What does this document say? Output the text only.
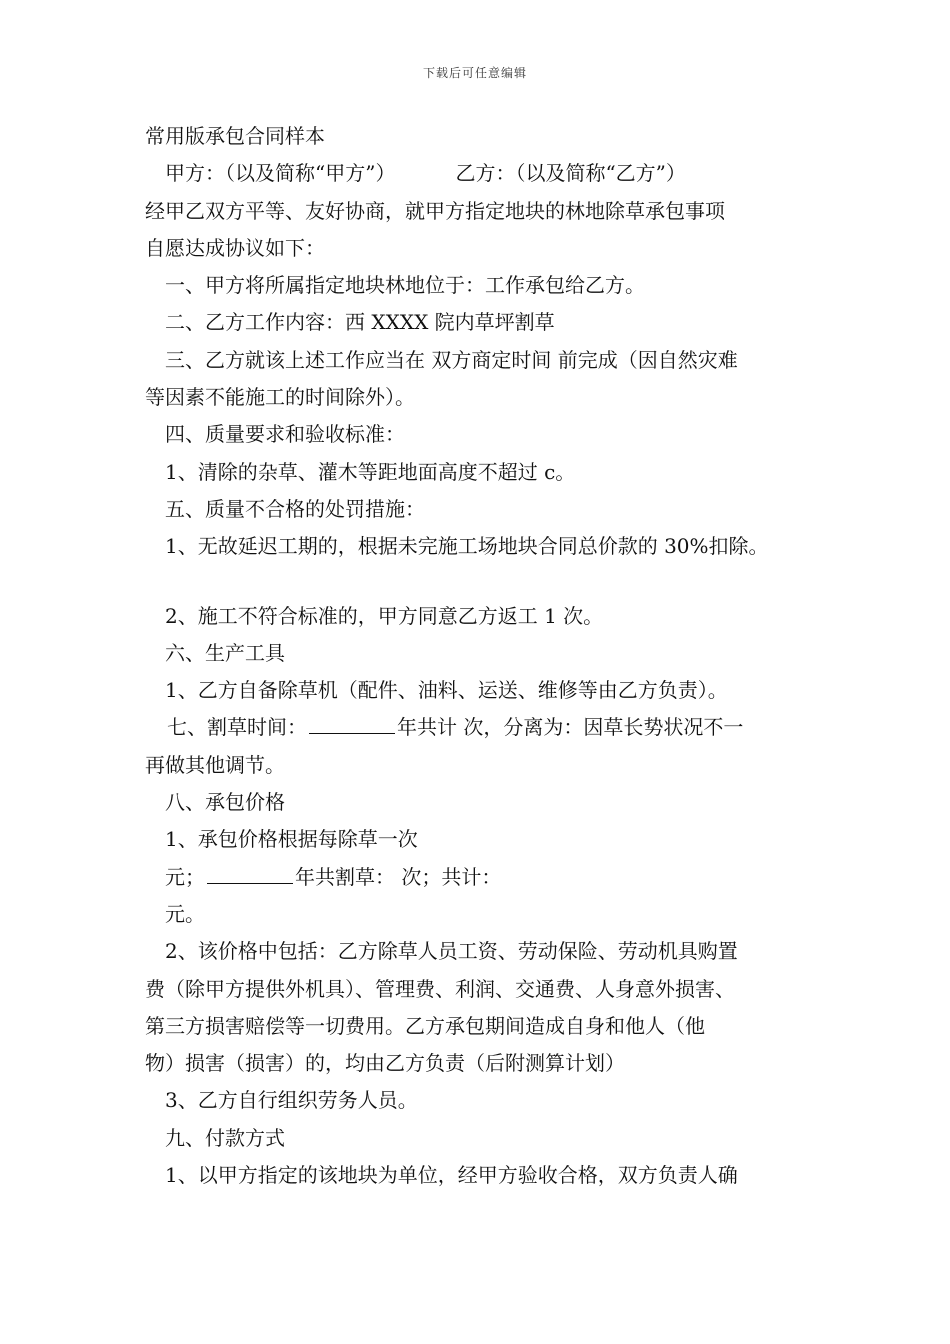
下载后可任意编辑
常用版承包合同样本
甲方：（以及简称“甲方”）	乙方：（以及简称“乙方”）
经甲乙双方平等、友好协商，就甲方指定地块的林地除草承包事项
自愿达成协议如下：
一、甲方将所属指定地块林地位于：工作承包给乙方。
二、乙方工作内容：西 XXXX 院内草坪割草
三、乙方就该上述工作应当在 双方商定时间 前完成（因自然灾难
等因素不能施工的时间除外）。
四、质量要求和验收标准：
1、清除的杂草、灌木等距地面高度不超过 c。
五、质量不合格的处罚措施：
1、无故延迟工期的，根据未完施工场地块合同总价款的 30%扣除。
2、施工不符合标准的，甲方同意乙方返工 1 次。
六、生产工具
1、乙方自备除草机（配件、油料、运送、维修等由乙方负责）。
七、割草时间：	年共计 次，分离为：因草长势状况不一
再做其他调节。
八、承包价格
1、承包价格根据每除草一次
元；	年共割草： 次；共计：
元。
2、该价格中包括：乙方除草人员工资、劳动保险、劳动机具购置
费（除甲方提供外机具）、管理费、利润、交通费、人身意外损害、
第三方损害赔偿等一切费用。乙方承包期间造成自身和他人（他
物）损害（损害）的，均由乙方负责（后附测算计划）
3、乙方自行组织劳务人员。
九、付款方式
1、以甲方指定的该地块为单位，经甲方验收合格，双方负责人确
